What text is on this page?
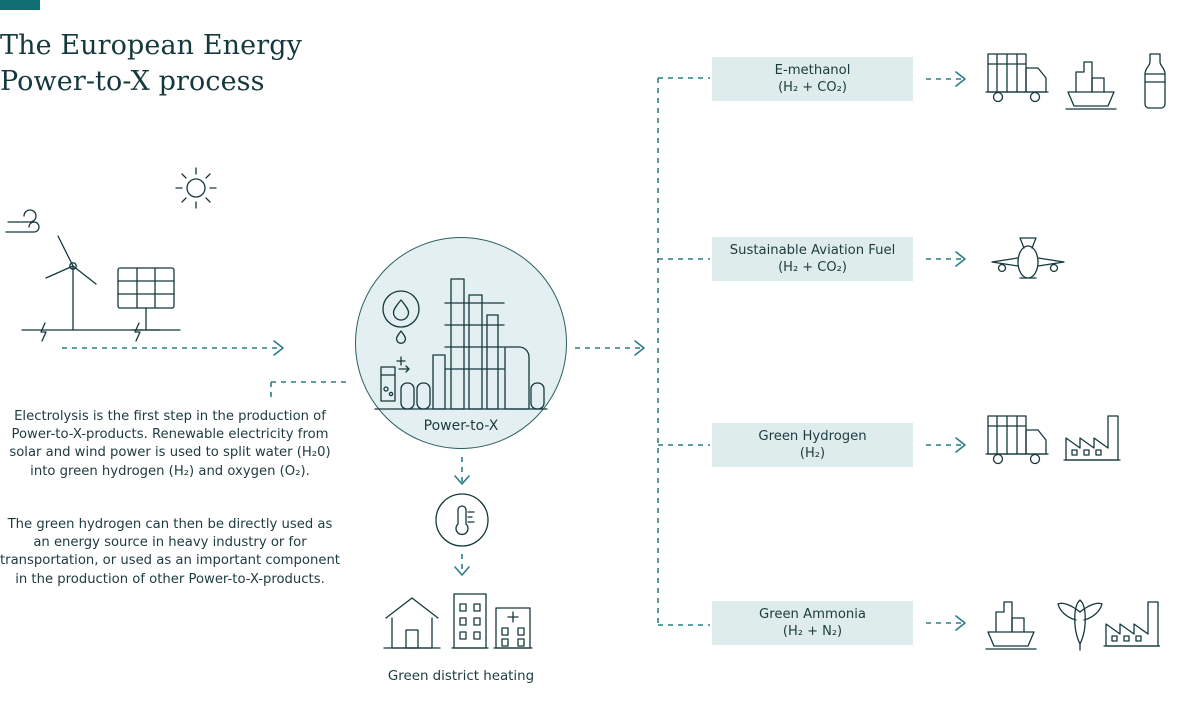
The European Energy
Power-to-X process
Electrolysis is the first step in the production of Power-to-X-products. Renewable electricity from solar and wind power is used to split water (H₂0) into green hydrogen (H₂) and oxygen (O₂).
The green hydrogen can then be directly used as an energy source in heavy industry or for transportation, or used as an important component in the production of other Power-to-X-products.
Power-to-X
E-methanol
(H₂ + CO₂)
Sustainable Aviation Fuel
(H₂ + CO₂)
Green Hydrogen
(H₂)
Green Ammonia
(H₂ + N₂)
Green district heating
